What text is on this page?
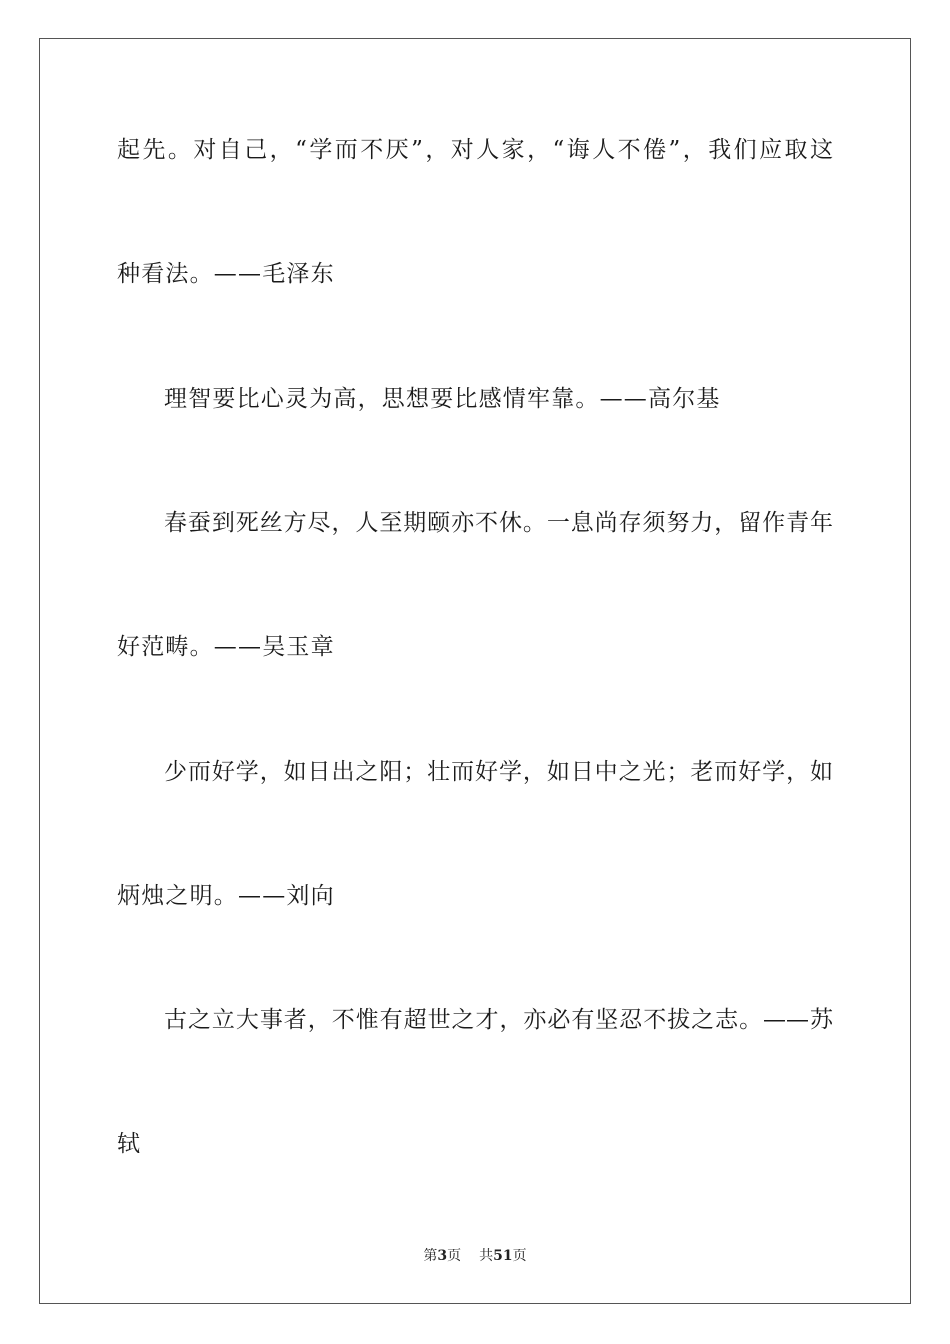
起先。对自己，“学而不厌”，对人家，“诲人不倦”，我们应取这
种看法。——毛泽东
理智要比心灵为高，思想要比感情牢靠。——高尔基
春蚕到死丝方尽，人至期颐亦不休。一息尚存须努力，留作青年
好范畴。——吴玉章
少而好学，如日出之阳；壮而好学，如日中之光；老而好学，如
炳烛之明。——刘向
古之立大事者，不惟有超世之才，亦必有坚忍不拔之志。——苏
轼
第3页 共51页
